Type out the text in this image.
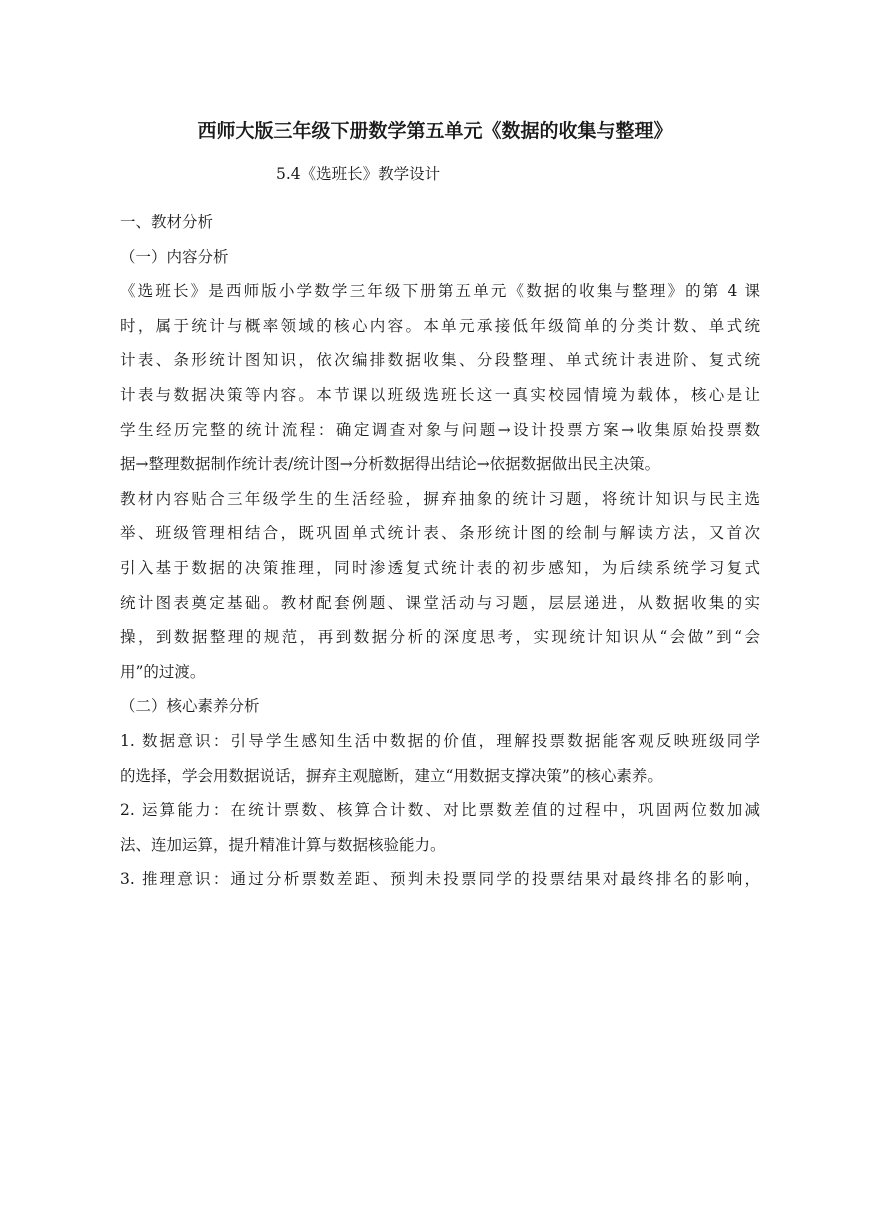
西师大版三年级下册数学第五单元《数据的收集与整理》

5.4《选班长》教学设计

一、教材分析
（一）内容分析
《选班长》是西师版小学数学三年级下册第五单元《数据的收集与整理》的第 4 课
时，属于统计与概率领域的核心内容。本单元承接低年级简单的分类计数、单式统
计表、条形统计图知识，依次编排数据收集、分段整理、单式统计表进阶、复式统
计表与数据决策等内容。本节课以班级选班长这一真实校园情境为载体，核心是让
学生经历完整的统计流程：确定调查对象与问题→设计投票方案→收集原始投票数
据→整理数据制作统计表/统计图→分析数据得出结论→依据数据做出民主决策。
教材内容贴合三年级学生的生活经验，摒弃抽象的统计习题，将统计知识与民主选
举、班级管理相结合，既巩固单式统计表、条形统计图的绘制与解读方法，又首次
引入基于数据的决策推理，同时渗透复式统计表的初步感知，为后续系统学习复式
统计图表奠定基础。教材配套例题、课堂活动与习题，层层递进，从数据收集的实
操，到数据整理的规范，再到数据分析的深度思考，实现统计知识从“会做”到“会
用”的过渡。
（二）核心素养分析
1. 数据意识：引导学生感知生活中数据的价值，理解投票数据能客观反映班级同学
的选择，学会用数据说话，摒弃主观臆断，建立“用数据支撑决策”的核心素养。
2. 运算能力：在统计票数、核算合计数、对比票数差值的过程中，巩固两位数加减
法、连加运算，提升精准计算与数据核验能力。
3. 推理意识：通过分析票数差距、预判未投票同学的投票结果对最终排名的影响，
